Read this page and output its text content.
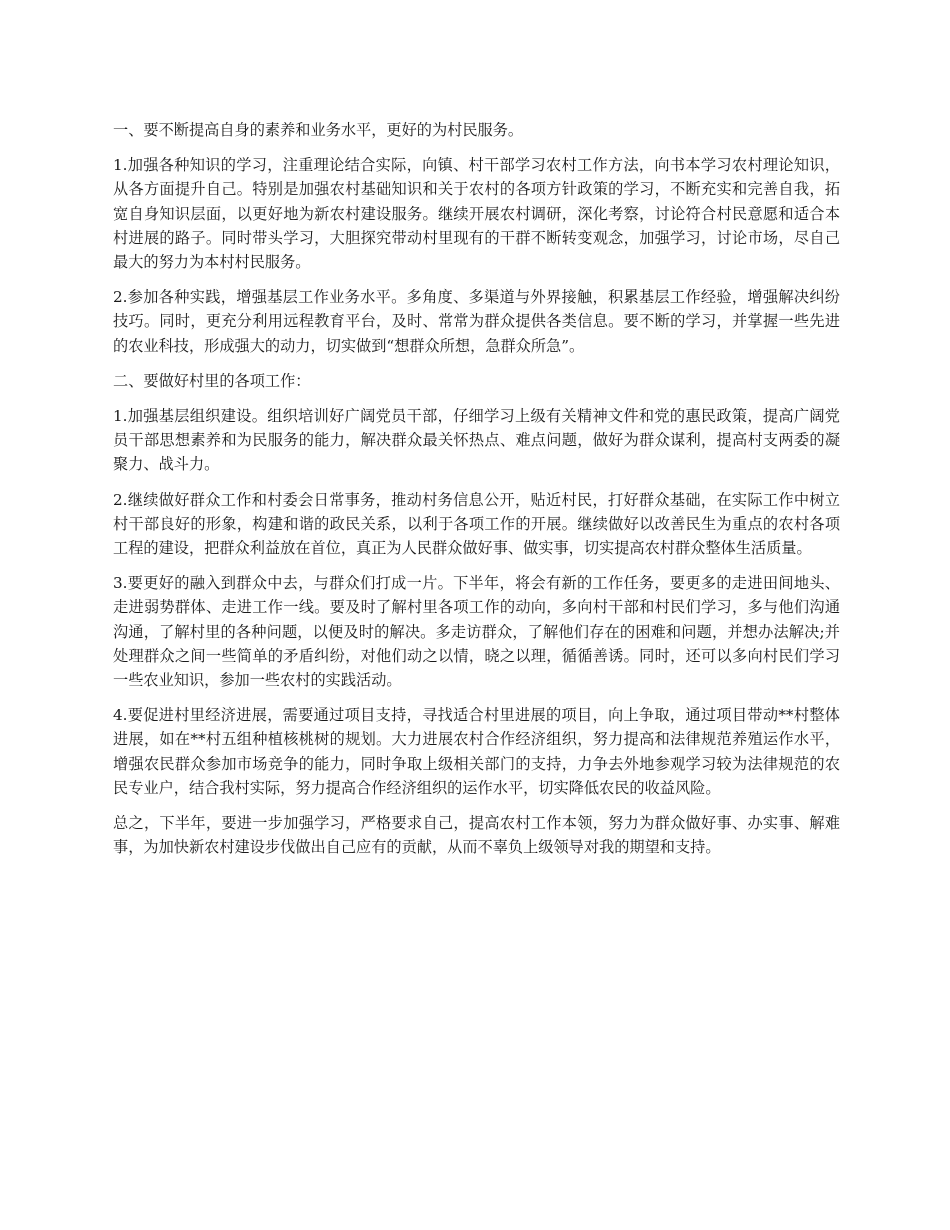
一、要不断提高自身的素养和业务水平，更好的为村民服务。

1.加强各种知识的学习，注重理论结合实际，向镇、村干部学习农村工作方法，向书本学习农村理论知识，从各方面提升自己。特别是加强农村基础知识和关于农村的各项方针政策的学习，不断充实和完善自我，拓宽自身知识层面，以更好地为新农村建设服务。继续开展农村调研，深化考察，讨论符合村民意愿和适合本村进展的路子。同时带头学习，大胆探究带动村里现有的干群不断转变观念，加强学习，讨论市场，尽自己最大的努力为本村村民服务。

2.参加各种实践，增强基层工作业务水平。多角度、多渠道与外界接触，积累基层工作经验，增强解决纠纷技巧。同时，更充分利用远程教育平台，及时、常常为群众提供各类信息。要不断的学习，并掌握一些先进的农业科技，形成强大的动力，切实做到“想群众所想，急群众所急”。

二、要做好村里的各项工作：

1.加强基层组织建设。组织培训好广阔党员干部，仔细学习上级有关精神文件和党的惠民政策，提高广阔党员干部思想素养和为民服务的能力，解决群众最关怀热点、难点问题，做好为群众谋利，提高村支两委的凝聚力、战斗力。

2.继续做好群众工作和村委会日常事务，推动村务信息公开，贴近村民，打好群众基础，在实际工作中树立村干部良好的形象，构建和谐的政民关系，以利于各项工作的开展。继续做好以改善民生为重点的农村各项工程的建设，把群众利益放在首位，真正为人民群众做好事、做实事，切实提高农村群众整体生活质量。

3.要更好的融入到群众中去，与群众们打成一片。下半年，将会有新的工作任务，要更多的走进田间地头、走进弱势群体、走进工作一线。要及时了解村里各项工作的动向，多向村干部和村民们学习，多与他们沟通沟通，了解村里的各种问题，以便及时的解决。多走访群众，了解他们存在的困难和问题，并想办法解决;并处理群众之间一些简单的矛盾纠纷，对他们动之以情，晓之以理，循循善诱。同时，还可以多向村民们学习一些农业知识，参加一些农村的实践活动。

4.要促进村里经济进展，需要通过项目支持，寻找适合村里进展的项目，向上争取，通过项目带动**村整体进展，如在**村五组种植核桃树的规划。大力进展农村合作经济组织，努力提高和法律规范养殖运作水平，增强农民群众参加市场竞争的能力，同时争取上级相关部门的支持，力争去外地参观学习较为法律规范的农民专业户，结合我村实际，努力提高合作经济组织的运作水平，切实降低农民的收益风险。

总之，下半年，要进一步加强学习，严格要求自己，提高农村工作本领，努力为群众做好事、办实事、解难事，为加快新农村建设步伐做出自己应有的贡献，从而不辜负上级领导对我的期望和支持。
